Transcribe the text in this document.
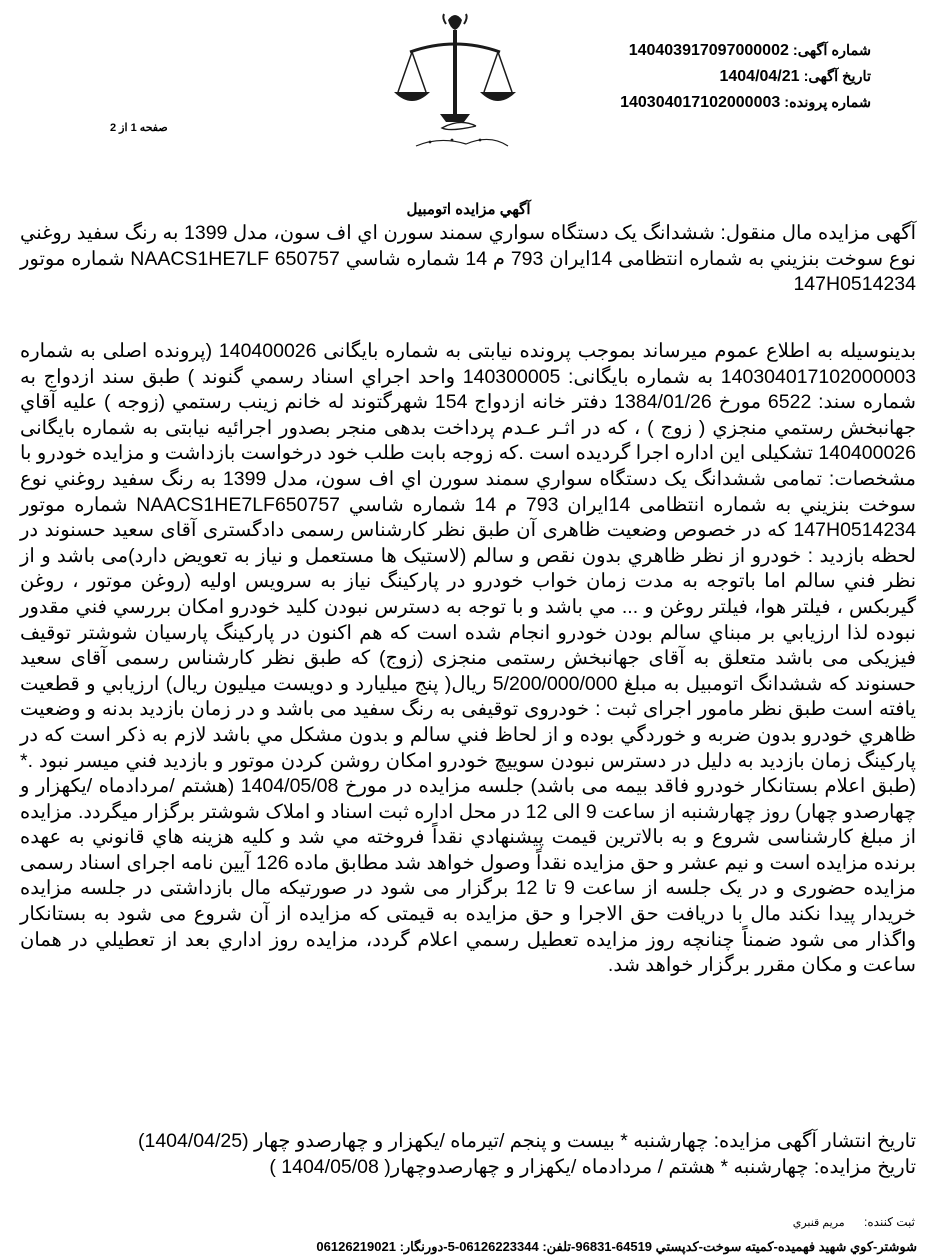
شماره آگهی: 140403917097000002
تاریخ آگهی: 1404/04/21
شماره پرونده: 140304017102000003
صفحه 1 از 2
آگهي مزايده اتومبيل

آگهی مزایده مال منقول: ششدانگ یک دستگاه سواري سمند سورن اي اف سون، مدل 1399 به رنگ سفيد روغني نوع سوخت بنزيني به شماره انتظامی 14ایران 793 م 14 شماره شاسي NAACS1HE7LF 650757 شماره موتور 147H0514234

بدینوسیله به اطلاع عموم میرساند بموجب پرونده نیابتی به شماره بایگانی 140400026 (پرونده اصلی به شماره 140304017102000003 به شماره بایگانی: 140300005 واحد اجراي اسناد رسمي گنوند ) طبق سند ازدواج به شماره سند: 6522 مورخ 1384/01/26 دفتر خانه ازدواج 154 شهرگتوند له خانم زينب رستمي (زوجه ) عليه آقاي جهانبخش رستمي منجزي ( زوج ) ، كه در اثـر عـدم پرداخت بدهی منجر بصدور اجرائيه نيابتی به شماره بايگانی 140400026 تشكيلی اين اداره اجرا گرديده است .كه زوجه بابت طلب خود درخواست بازداشت و مزايده خودرو با مشخصات: تمامی ششدانگ يک دستگاه سواري سمند سورن اي اف سون، مدل 1399 به رنگ سفيد روغني نوع سوخت بنزيني به شماره انتظامی 14ايران 793 م 14 شماره شاسي NAACS1HE7LF650757 شماره موتور 147H0514234 كه در خصوص وضعيت ظاهری آن طبق نظر كارشناس رسمی دادگستری آقای سعيد حسنوند در لحظه بازديد : خودرو از نظر ظاهري بدون نقص و سالم (لاستيک ها مستعمل و نياز به تعويض دارد)می باشد و از نظر فني سالم اما باتوجه به مدت زمان خواب خودرو در پاركينگ نياز به سرويس اوليه (روغن موتور ، روغن گيربكس ، فيلتر هوا، فيلتر روغن و ... مي باشد و با توجه به دسترس نبودن كليد خودرو امكان بررسي فني مقدور نبوده لذا ارزيابي بر مبناي سالم بودن خودرو انجام شده است كه هم اكنون در پاركينگ پارسيان شوشتر توقيف فيزيكی می باشد متعلق به آقای جهانبخش رستمی منجزی (زوج) كه طبق نظر كارشناس رسمی آقای سعيد حسنوند كه ششدانگ اتومبيل به مبلغ 5/200/000/000 ريال( پنج ميليارد و دويست ميليون ريال) ارزيابي و قطعيت يافته است طبق نظر مامور اجرای ثبت : خودروی توقيفی به رنگ سفيد می باشد و در زمان بازديد بدنه و وضعيت ظاهري خودرو بدون ضربه و خوردگي بوده و از لحاظ فني سالم و بدون مشكل مي باشد لازم به ذكر است كه در پاركينگ زمان بازديد به دليل در دسترس نبودن سوييچ خودرو امكان روشن كردن موتور و بازديد فني ميسر نبود .*(طبق اعلام بستانكار خودرو فاقد بيمه می باشد) جلسه مزايده در مورخ 1404/05/08 (هشتم /مردادماه /يكهزار و چهارصدو چهار) روز چهارشنبه از ساعت 9 الی 12 در محل اداره ثبت اسناد و املاک شوشتر برگزار ميگردد. مزايده از مبلغ كارشناسی شروع و به بالاترين قيمت پيشنهادي نقداً فروخته مي شد و كليه هزينه هاي قانوني به عهده برنده مزايده است و نيم عشر و حق مزايده نقداً وصول خواهد شد مطابق ماده 126 آيين نامه اجرای اسناد رسمی مزايده حضوری و در يک جلسه از ساعت 9 تا 12 برگزار می شود در صورتيكه مال بازداشتی در جلسه مزايده خريدار پيدا نكند مال با دريافت حق الاجرا و حق مزايده به قيمتی كه مزايده از آن شروع می شود به بستانكار واگذار می شود ضمناً چنانچه روز مزايده تعطيل رسمي اعلام گردد، مزايده روز اداري بعد از تعطيلي در همان ساعت و مكان مقرر برگزار خواهد شد.

تاريخ انتشار آگهی مزايده: چهارشنبه * بيست و پنجم /تيرماه /يكهزار و چهارصدو چهار (1404/04/25)
تاريخ مزايده: چهارشنبه * هشتم / مردادماه /يكهزار و چهارصدوچهار( 1404/05/08 )
ثبت كننده: مريم قنبري
شوشتر-كوي شهيد فهميده-كميته سوخت-كدپستي 64519-96831-تلفن: 06126223344-5-دورنگار: 06126219021
